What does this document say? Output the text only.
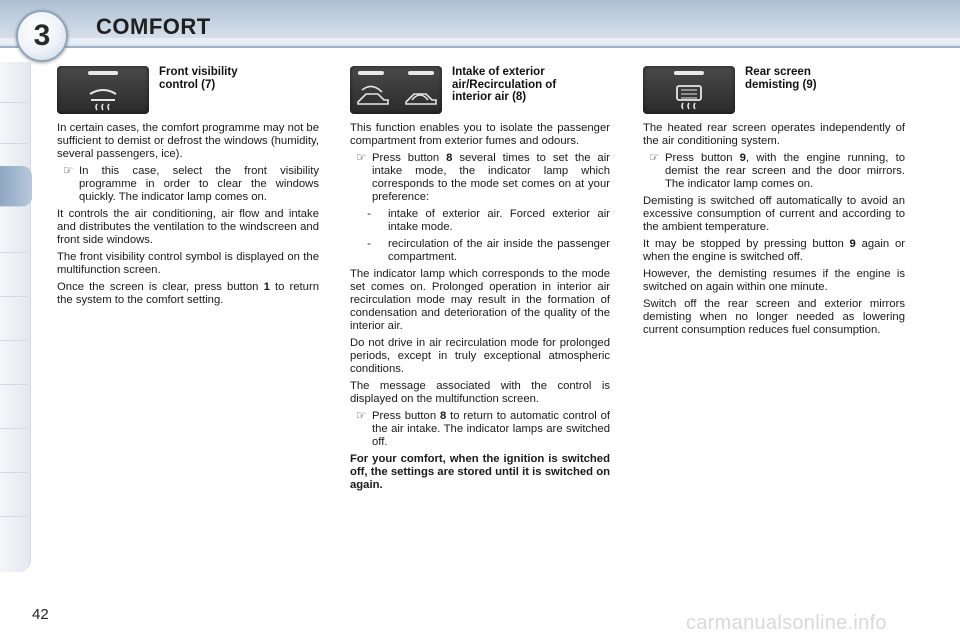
3	COMFORT
Front visibility
control (7)

In certain cases, the comfort programme may not be sufficient to demist or defrost the windows (humidity, several passengers, ice).

☞ In this case, select the front visibility programme in order to clear the windows quickly. The indicator lamp comes on.

It controls the air conditioning, air flow and intake and distributes the ventilation to the windscreen and front side windows.

The front visibility control symbol is displayed on the multifunction screen.

Once the screen is clear, press button 1 to return the system to the comfort setting.

Intake of exterior
air/Recirculation of
interior air (8)

This function enables you to isolate the passenger compartment from exterior fumes and odours.

☞ Press button 8 several times to set the air intake mode, the indicator lamp which corresponds to the mode set comes on at your preference:
-	intake of exterior air. Forced exterior air intake mode.
-	recirculation of the air inside the passenger compartment.

The indicator lamp which corresponds to the mode set comes on. Prolonged operation in interior air recirculation mode may result in the formation of condensation and deterioration of the quality of the interior air.

Do not drive in air recirculation mode for prolonged periods, except in truly exceptional atmospheric conditions.

The message associated with the control is displayed on the multifunction screen.

☞ Press button 8 to return to automatic control of the air intake. The indicator lamps are switched off.

For your comfort, when the ignition is switched off, the settings are stored until it is switched on again.

Rear screen
demisting (9)

The heated rear screen operates independently of the air conditioning system.

☞ Press button 9, with the engine running, to demist the rear screen and the door mirrors. The indicator lamp comes on.

Demisting is switched off automatically to avoid an excessive consumption of current and according to the ambient temperature.

It may be stopped by pressing button 9 again or when the engine is switched off.

However, the demisting resumes if the engine is switched on again within one minute.

Switch off the rear screen and exterior mirrors demisting when no longer needed as lowering current consumption reduces fuel consumption.

42	carmanualsonline.info
